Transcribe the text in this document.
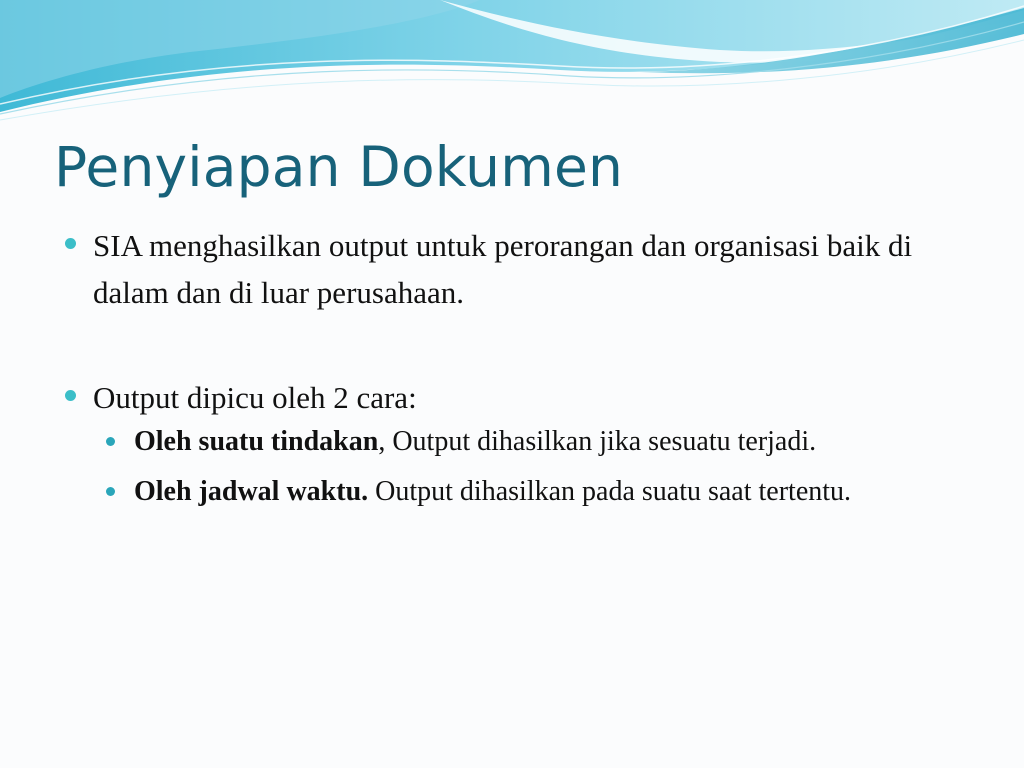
Penyiapan Dokumen
SIA menghasilkan output untuk perorangan dan organisasi baik di dalam dan di luar perusahaan.
Output dipicu oleh 2 cara:
Oleh suatu tindakan, Output dihasilkan jika sesuatu terjadi.
Oleh jadwal waktu. Output dihasilkan pada suatu saat tertentu.
